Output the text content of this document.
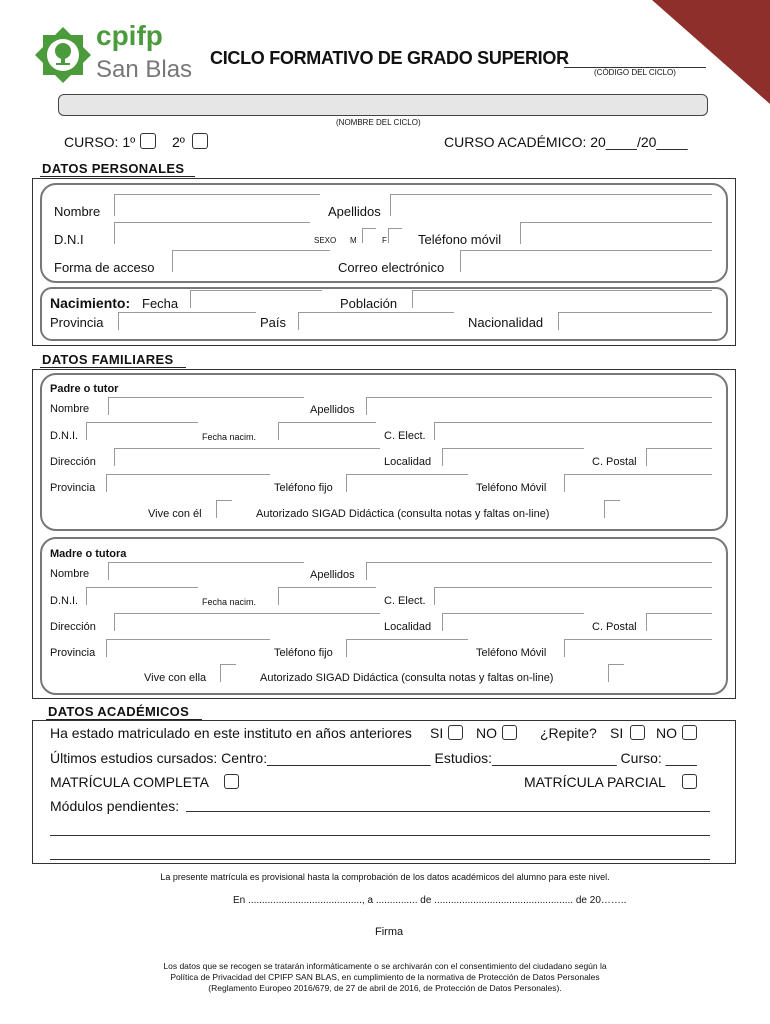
cpifp
San Blas CICLO FORMATIVO DE GRADO SUPERIOR
(CÓDIGO DEL CICLO)
(NOMBRE DEL CICLO)
CURSO: 1º	2º	CURSO ACADÉMICO: 20____/20____
DATOS PERSONALES
Nombre	Apellidos
D.N.I	SEXO M	F Teléfono móvil
Forma de acceso	Correo electrónico
Nacimiento: Fecha	Población
Provincia	País	Nacionalidad
DATOS FAMILIARES
Padre o tutor
Nombre	Apellidos
D.N.I.	Fecha nacim.	C. Elect.
Dirección	Localidad	C. Postal
Provincia	Teléfono fijo	Teléfono Móvil
Vive con él	Autorizado SIGAD Didáctica (consulta notas y faltas on-line)
Madre o tutora
Nombre	Apellidos
D.N.I.	Fecha nacim.	C. Elect.
Dirección	Localidad	C. Postal
Provincia	Teléfono fijo	Teléfono Móvil
Vive con ella	Autorizado SIGAD Didáctica (consulta notas y faltas on-line)
DATOS ACADÉMICOS
Ha estado matriculado en este instituto en años anteriores SI NO	¿Repite? SI NO
Últimos estudios cursados: Centro:_____________________ Estudios:________________ Curso: ____
MATRÍCULA COMPLETA	MATRÍCULA PARCIAL
Módulos pendientes:
La presente matrícula es provisional hasta la comprobación de los datos académicos del alumno para este nivel.
En ........................................., a ............... de .................................................. de 20……..
Firma
Los datos que se recogen se tratarán informáticamente o se archivarán con el consentimiento del ciudadano según la
Política de Privacidad del CPIFP SAN BLAS, en cumplimiento de la normativa de Protección de Datos Personales
(Reglamento Europeo 2016/679, de 27 de abril de 2016, de Protección de Datos Personales).
